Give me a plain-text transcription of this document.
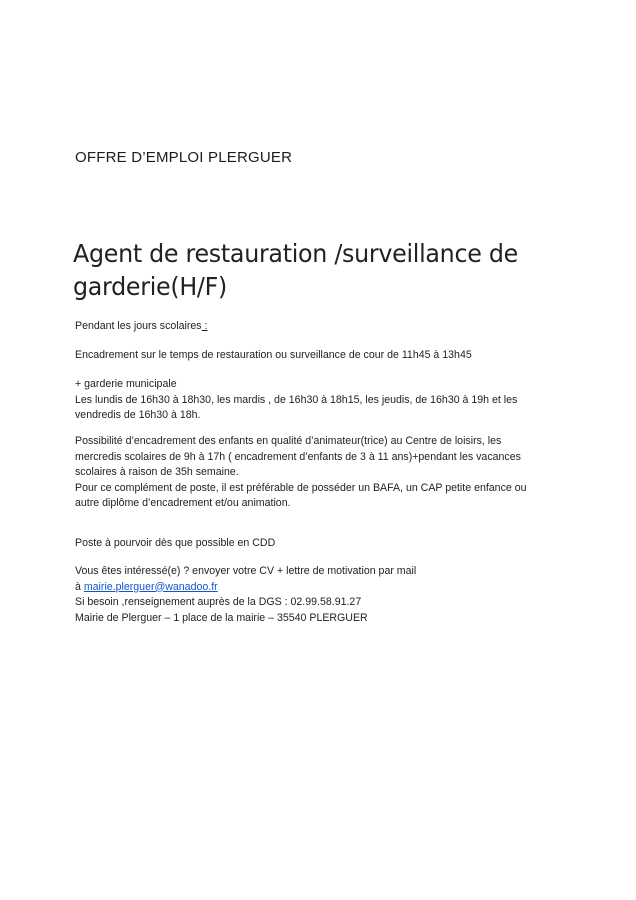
OFFRE D’EMPLOI PLERGUER
Agent de restauration /surveillance de
garderie(H/F)
Pendant les jours scolaires :
Encadrement sur le temps de restauration ou surveillance de cour de 11h45 à 13h45
+ garderie municipale
Les lundis de 16h30 à 18h30, les mardis , de 16h30 à 18h15, les jeudis, de 16h30 à 19h et les
vendredis de 16h30 à 18h.
Possibilité d’encadrement des enfants en qualité d’animateur(trice) au Centre de loisirs, les
mercredis scolaires de 9h à 17h ( encadrement d’enfants de 3 à 11 ans)+pendant les vacances
scolaires à raison de 35h semaine.
Pour ce complément de poste, il est préférable de posséder un BAFA, un CAP petite enfance ou
autre diplôme d’encadrement et/ou animation.
Poste à pourvoir dès que possible en CDD
Vous êtes intéressé(e) ? envoyer votre CV + lettre de motivation par mail
à mairie.plerguer@wanadoo.fr
Si besoin ,renseignement auprès de la DGS : 02.99.58.91.27
Mairie de Plerguer – 1 place de la mairie – 35540 PLERGUER
